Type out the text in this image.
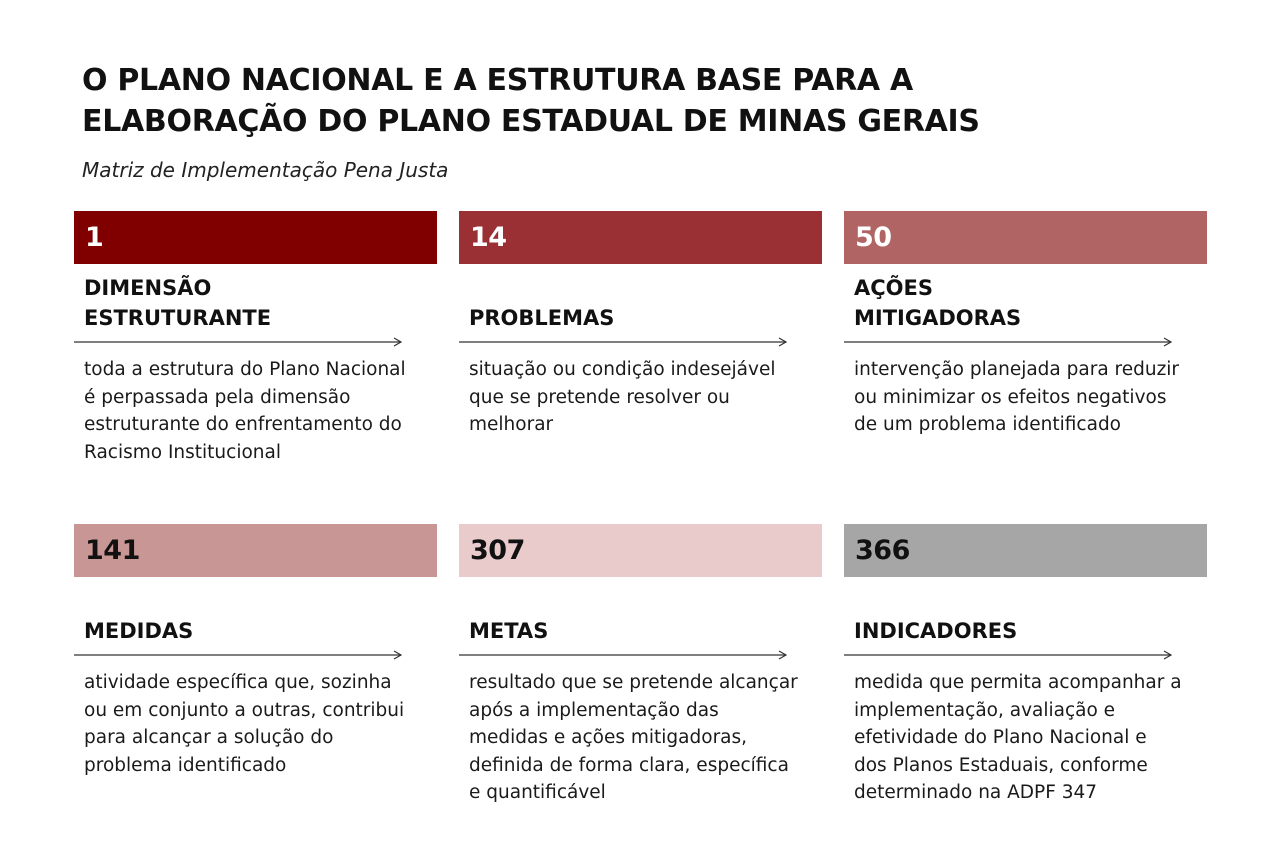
O PLANO NACIONAL E A ESTRUTURA BASE PARA A
ELABORAÇÃO DO PLANO ESTADUAL DE MINAS GERAIS
Matriz de Implementação Pena Justa
1
DIMENSÃO
ESTRUTURANTE
toda a estrutura do Plano Nacional
é perpassada pela dimensão
estruturante do enfrentamento do
Racismo Institucional
14
PROBLEMAS
situação ou condição indesejável
que se pretende resolver ou
melhorar
50
AÇÕES
MITIGADORAS
intervenção planejada para reduzir
ou minimizar os efeitos negativos
de um problema identificado
141
MEDIDAS
atividade específica que, sozinha
ou em conjunto a outras, contribui
para alcançar a solução do
problema identificado
307
METAS
resultado que se pretende alcançar
após a implementação das
medidas e ações mitigadoras,
definida de forma clara, específica
e quantificável
366
INDICADORES
medida que permita acompanhar a
implementação, avaliação e
efetividade do Plano Nacional e
dos Planos Estaduais, conforme
determinado na ADPF 347
